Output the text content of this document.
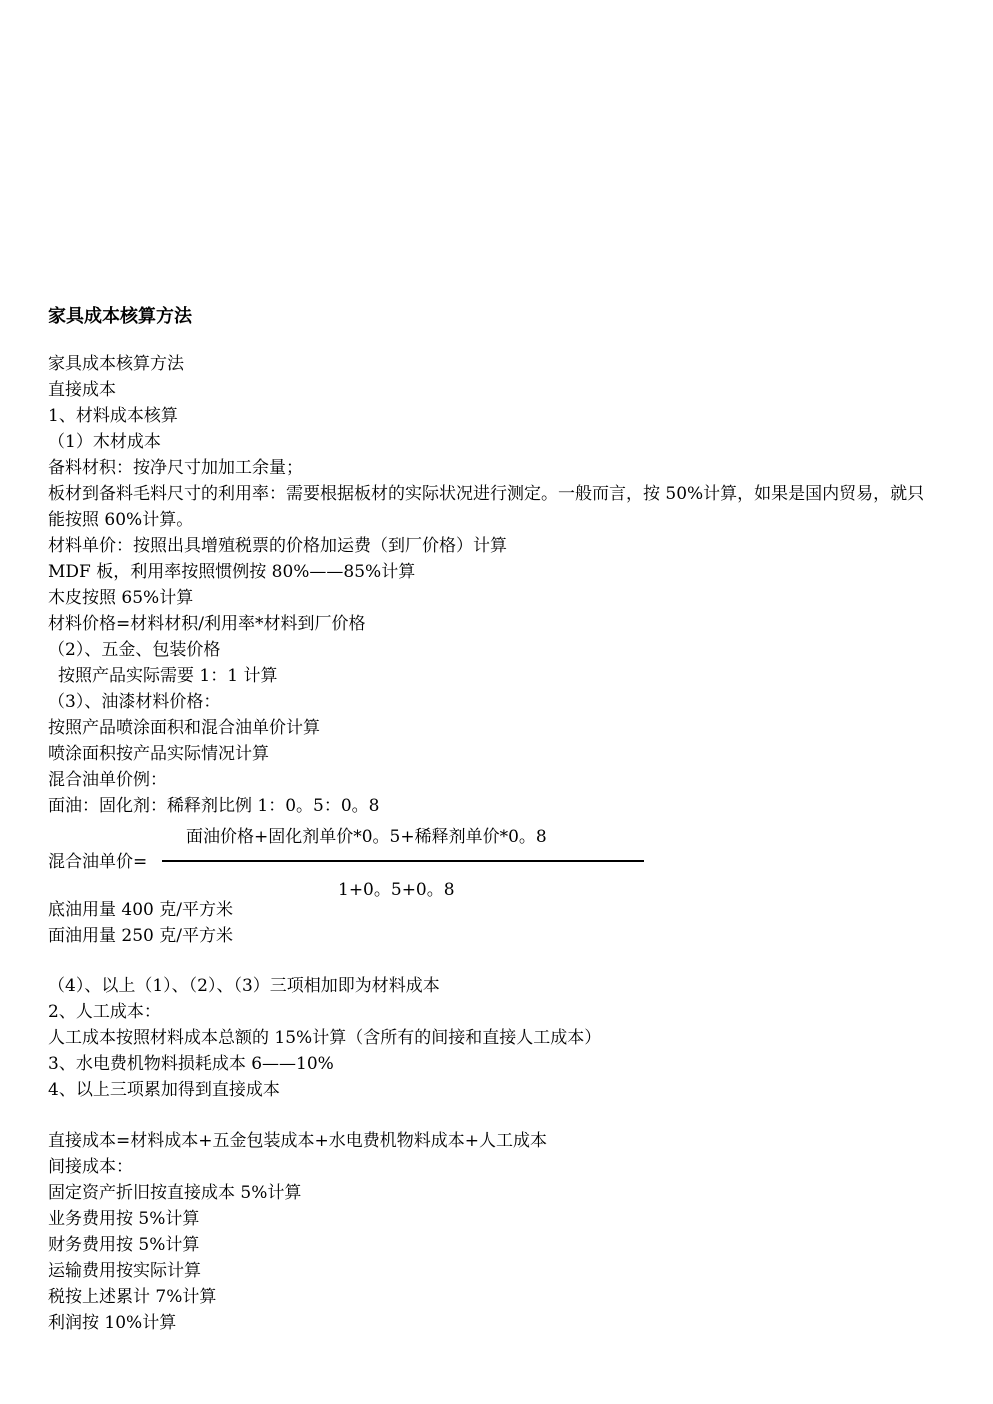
家具成本核算方法
家具成本核算方法
直接成本
1、材料成本核算
（1）木材成本
备料材积：按净尺寸加加工余量；
板材到备料毛料尺寸的利用率：需要根据板材的实际状况进行测定。一般而言，按 50%计算，如果是国内贸易，就只能按照 60%计算。
材料单价：按照出具增殖税票的价格加运费（到厂价格）计算
MDF 板，利用率按照惯例按 80%——85%计算
木皮按照 65%计算
材料价格=材料材积/利用率*材料到厂价格
（2）、五金、包装价格
按照产品实际需要 1：1 计算
（3）、油漆材料价格：
按照产品喷涂面积和混合油单价计算
喷涂面积按产品实际情况计算
混合油单价例：
面油：固化剂：稀释剂比例 1：0。5：0。8
面油价格+固化剂单价*0。5+稀释剂单价*0。8
混合油单价=
1+0。5+0。8
底油用量 400 克/平方米
面油用量 250 克/平方米
（4）、以上（1）、（2）、（3）三项相加即为材料成本
2、人工成本：
人工成本按照材料成本总额的 15%计算（含所有的间接和直接人工成本）
3、水电费机物料损耗成本 6——10%
4、以上三项累加得到直接成本
直接成本=材料成本+五金包装成本+水电费机物料成本+人工成本
间接成本：
固定资产折旧按直接成本 5%计算
业务费用按 5%计算
财务费用按 5%计算
运输费用按实际计算
税按上述累计 7%计算
利润按 10%计算
